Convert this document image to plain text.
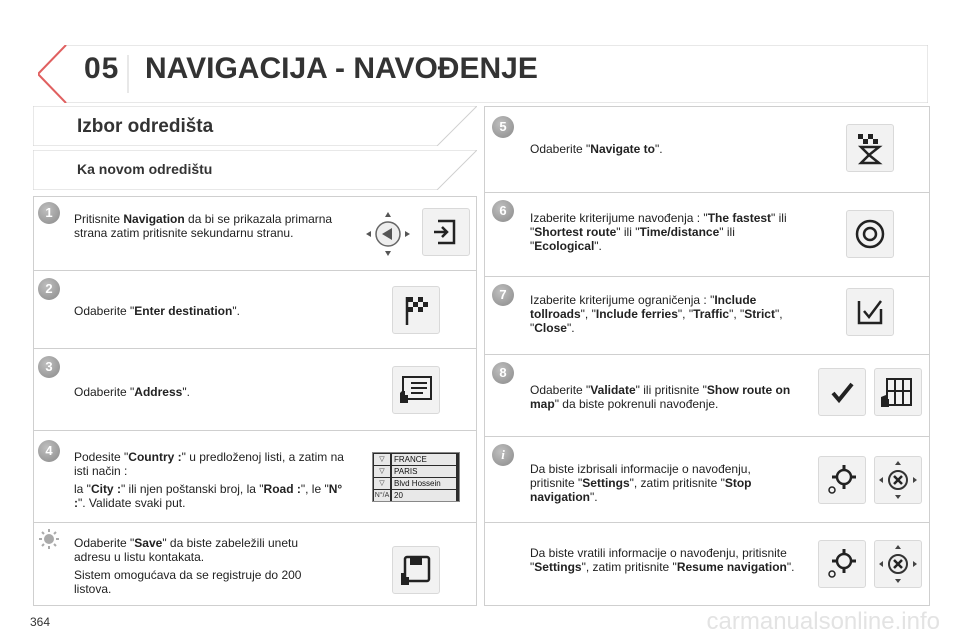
05 NAVIGACIJA - NAVOĐENJE
Izbor odredišta
Ka novom odredištu
1	Pritisnite Navigation da bi se prikazala primarna strana zatim pritisnite sekundarnu stranu.
2
Odaberite "Enter destination".
3
Odaberite "Address".
4	Podesite "Country :" u predloženoj listi, a zatim na isti način :

la "City :" ili njen poštanski broj, la "Road :", le "N° :". Validate svaki put.

▽	FRANCE
▽	PARIS
▽	Blvd Hossein
N°/A 20

Odaberite "Save" da biste zabeležili unetu adresu u listu kontakata.

Sistem omogućava da se registruje do 200 listova.

5
Odaberite "Navigate to".
6	Izaberite kriterijume navođenja : "The fastest" ili "Shortest route" ili "Time/distance" ili "Ecological".
7	Izaberite kriterijume ograničenja : "Include tollroads", "Include ferries", "Traffic", "Strict", "Close".
8
Odaberite "Validate" ili pritisnite "Show route on map" da biste pokrenuli navođenje.
i
Da biste izbrisali informacije o navođenju, pritisnite "Settings", zatim pritisnite "Stop navigation".
Da biste vratili informacije o navođenju, pritisnite "Settings", zatim pritisnite "Resume navigation".
364	carmanualsonline.info
